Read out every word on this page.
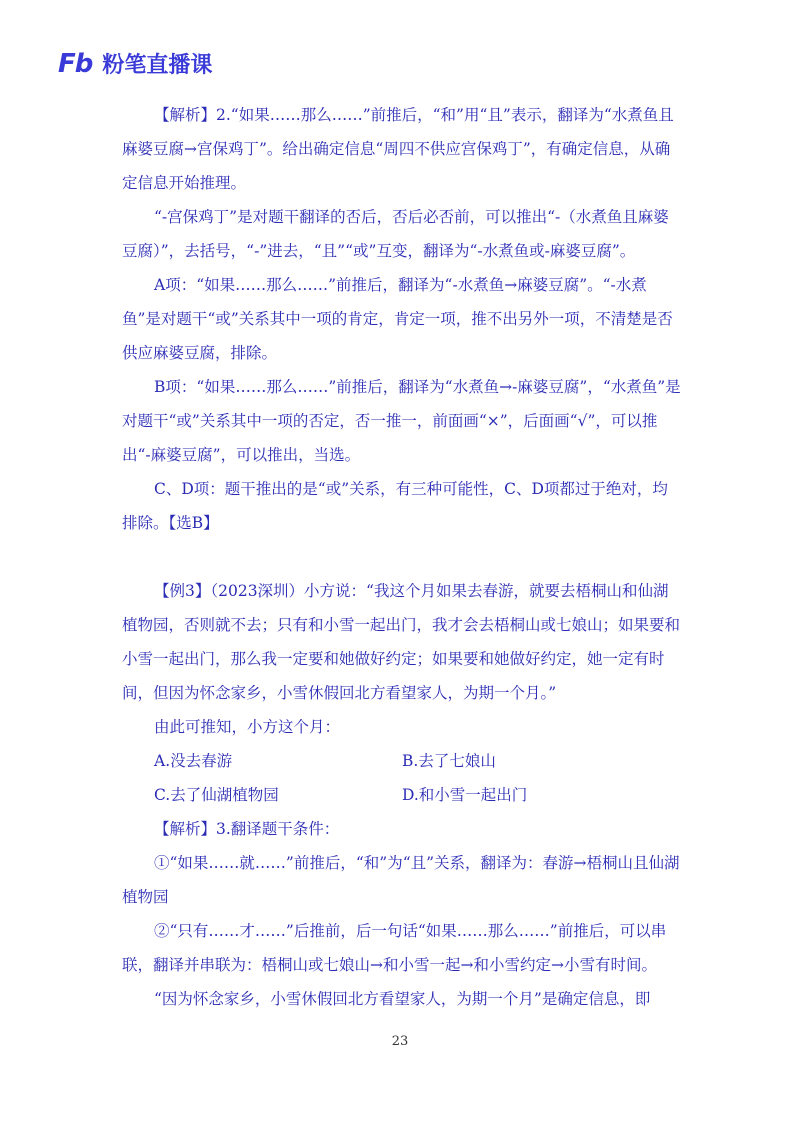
Fb 粉笔直播课

【解析】2.“如果……那么……”前推后，“和”用“且”表示，翻译为“水煮鱼且麻婆豆腐→宫保鸡丁”。给出确定信息“周四不供应宫保鸡丁”，有确定信息，从确定信息开始推理。

“-宫保鸡丁”是对题干翻译的否后，否后必否前，可以推出“-（水煮鱼且麻婆豆腐）”，去括号，“-”进去，“且”“或”互变，翻译为“-水煮鱼或-麻婆豆腐”。

A项：“如果……那么……”前推后，翻译为“-水煮鱼→麻婆豆腐”。“-水煮鱼”是对题干“或”关系其中一项的肯定，肯定一项，推不出另外一项，不清楚是否供应麻婆豆腐，排除。

B项：“如果……那么……”前推后，翻译为“水煮鱼→-麻婆豆腐”，“水煮鱼”是对题干“或”关系其中一项的否定，否一推一，前面画“×”，后面画“√”，可以推出“-麻婆豆腐”，可以推出，当选。

C、D项：题干推出的是“或”关系，有三种可能性，C、D项都过于绝对，均排除。【选B】

【例3】（2023深圳）小方说：“我这个月如果去春游，就要去梧桐山和仙湖植物园，否则就不去；只有和小雪一起出门，我才会去梧桐山或七娘山；如果要和小雪一起出门，那么我一定要和她做好约定；如果要和她做好约定，她一定有时间，但因为怀念家乡，小雪休假回北方看望家人，为期一个月。”

由此可推知，小方这个月：

A.没去春游	B.去了七娘山
C.去了仙湖植物园	D.和小雪一起出门

【解析】3.翻译题干条件：

①“如果……就……”前推后，“和”为“且”关系，翻译为：春游→梧桐山且仙湖植物园

②“只有……才……”后推前，后一句话“如果……那么……”前推后，可以串联，翻译并串联为：梧桐山或七娘山→和小雪一起→和小雪约定→小雪有时间。

“因为怀念家乡，小雪休假回北方看望家人，为期一个月”是确定信息，即

23
